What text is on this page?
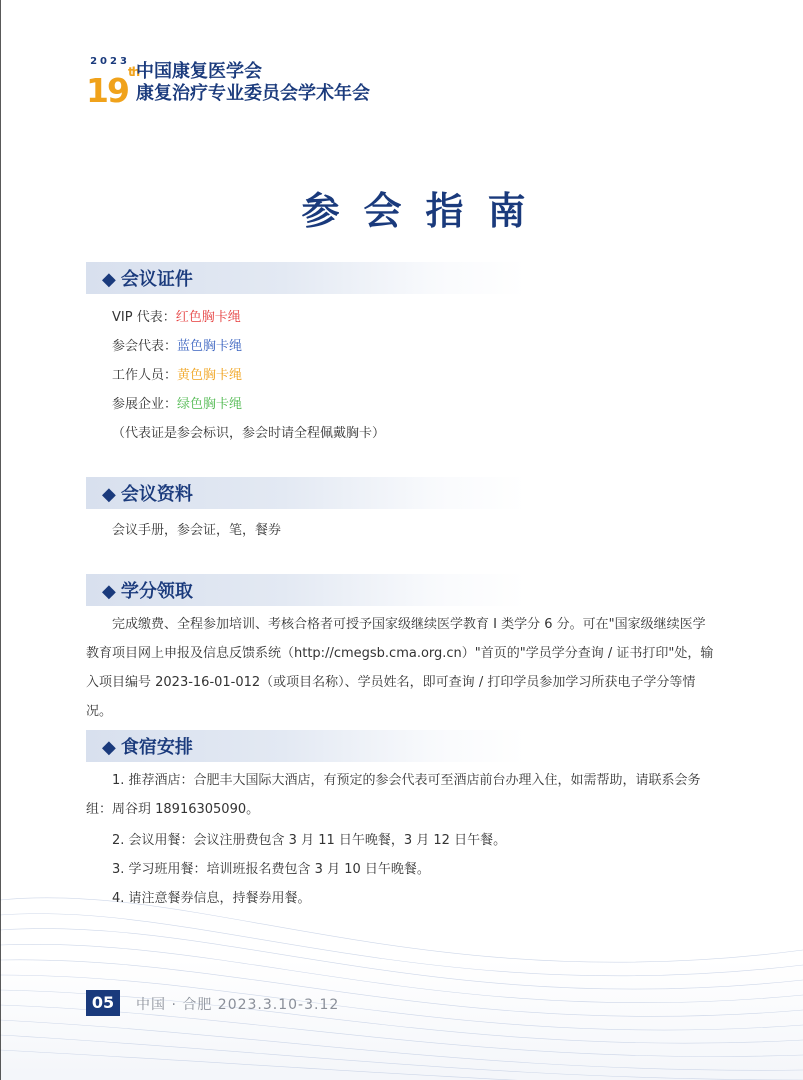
2023
19th
中国康复医学会
康复治疗专业委员会学术年会
参会指南
◆ 会议证件
VIP 代表：红色胸卡绳
参会代表：蓝色胸卡绳
工作人员：黄色胸卡绳
参展企业：绿色胸卡绳
（代表证是参会标识，参会时请全程佩戴胸卡）
◆ 会议资料
会议手册，参会证，笔，餐券
◆ 学分领取
完成缴费、全程参加培训、考核合格者可授予国家级继续医学教育 I 类学分 6 分。可在"国家级继续医学教育项目网上申报及信息反馈系统（http://cmegsb.cma.org.cn）"首页的"学员学分查询 / 证书打印"处，输入项目编号 2023-16-01-012（或项目名称）、学员姓名，即可查询 / 打印学员参加学习所获电子学分等情况。
◆ 食宿安排
1. 推荐酒店：合肥丰大国际大酒店，有预定的参会代表可至酒店前台办理入住，如需帮助，请联系会务组：周谷玥 18916305090。
2. 会议用餐：会议注册费包含 3 月 11 日午晚餐，3 月 12 日午餐。
3. 学习班用餐：培训班报名费包含 3 月 10 日午晚餐。
4. 请注意餐券信息，持餐券用餐。
05	中国 · 合肥 2023.3.10-3.12
